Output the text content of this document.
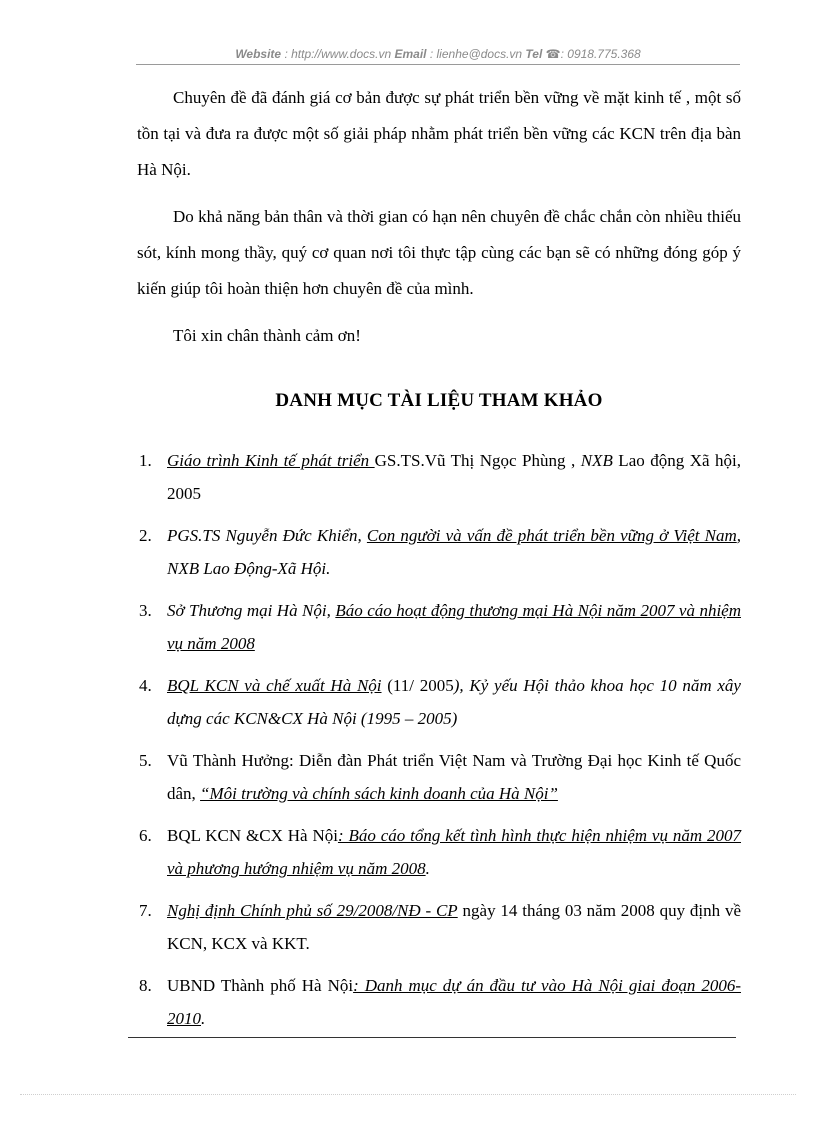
Website : http://www.docs.vn Email : lienhe@docs.vn Tel ☎: 0918.775.368

Chuyên đề đã đánh giá cơ bản được sự phát triển bền vững về mặt kinh tế , một số tồn tại và đưa ra được một số giải pháp nhằm phát triển bền vững các KCN trên địa bàn Hà Nội.

Do khả năng bản thân và thời gian có hạn nên chuyên đề chắc chắn còn nhiều thiếu sót, kính mong thầy, quý cơ quan nơi tôi thực tập cùng các bạn sẽ có những đóng góp ý kiến giúp tôi hoàn thiện hơn chuyên đề của mình.

Tôi xin chân thành cảm ơn!

DANH MỤC TÀI LIỆU THAM KHẢO
1. Giáo trình Kinh tế phát triển GS.TS.Vũ Thị Ngọc Phùng , NXB Lao động Xã hội, 2005
2. PGS.TS Nguyễn Đức Khiển, Con người và vấn đề phát triển bền vững ở Việt Nam, NXB Lao Động-Xã Hội.
3. Sở Thương mại Hà Nội, Báo cáo hoạt động thương mại Hà Nội năm 2007 và nhiệm vụ năm 2008
4. BQL KCN và chế xuất Hà Nội (11/ 2005), Kỷ yếu Hội thảo khoa học 10 năm xây dựng các KCN&CX Hà Nội (1995 – 2005)
5. Vũ Thành Hưởng: Diễn đàn Phát triển Việt Nam và Trường Đại học Kinh tế Quốc dân, “Môi trường và chính sách kinh doanh của Hà Nội”
6. BQL KCN &CX Hà Nội: Báo cáo tổng kết tình hình thực hiện nhiệm vụ năm 2007 và phương hướng nhiệm vụ năm 2008.
7. Nghị định Chính phủ số 29/2008/NĐ - CP ngày 14 tháng 03 năm 2008 quy định về KCN, KCX và KKT.
8. UBND Thành phố Hà Nội: Danh mục dự án đầu tư vào Hà Nội giai đoạn 2006-2010.
